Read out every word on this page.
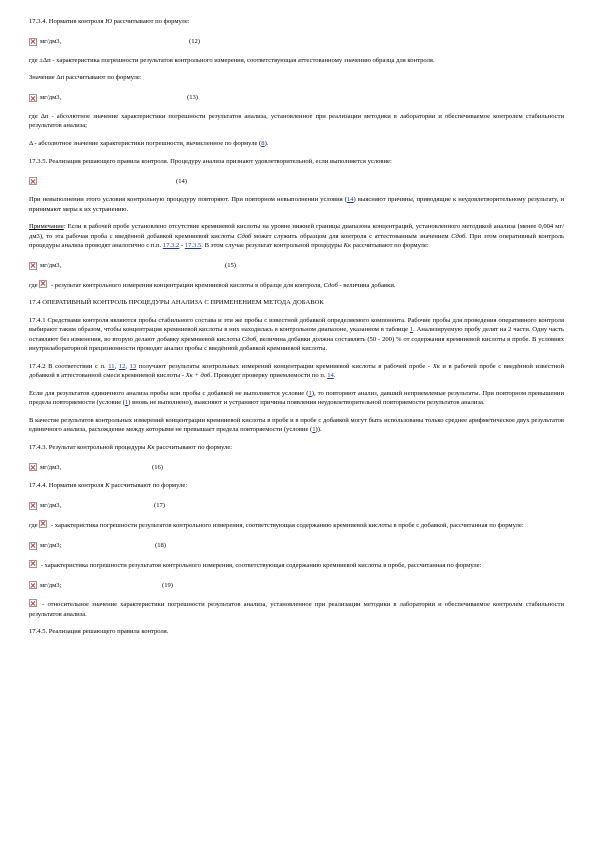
17.3.4. Норматив контроля Ю рассчитывают по формуле:

мг/дм3,	(12)

где ±Δп - характеристика погрешности результатов контрольного измерения, соответствующая аттестованному значению образца для контроля.

Значение Δп рассчитывают по формуле:

мг/дм3,	(13)

где Δп - абсолютное значение характеристики погрешности результатов анализа, установленное при реализации методики в лаборатории и обеспечиваемое контролем стабильности результатов анализа;

Δ - абсолютное значение характеристики погрешности, вычисленное по формуле (8).

17.3.5. Реализация решающего правила контроля. Процедуру анализа признают удовлетворительной, если выполняется условие:

(14)

При невыполнении этого условия контрольную процедуру повторяют. При повторном невыполнении условия (14) выясняют причины, приводящие к неудовлетворительному результату, и принимают меры к их устранению.

Примечание: Если в рабочей пробе установлено отсутствие кремниевой кислоты на уровне нижней границы диапазона концентраций, установленного методикой анализа (менее 0,004 мг/дм3), то эта рабочая проба с введённой добавкой кремниевой кислоты Сдоб может служить образцом для контроля с аттестованным значением Сдоб. При этом оперативный контроль процедуры анализа проводят аналогично с п.п. 17.3.2 - 17.3.5. В этом случае результат контрольной процедуры Кк рассчитывают по формуле:

мг/дм3,	(15)

где  - результат контрольного измерения концентрации кремниевой кислоты в образце для контроля, Сдоб - величина добавки.

17.4 ОПЕРАТИВНЫЙ КОНТРОЛЬ ПРОЦЕДУРЫ АНАЛИЗА С ПРИМЕНЕНИЕМ МЕТОДА ДОБАВОК

17.4.1 Средствами контроля являются пробы стабильного состава и эти же пробы с известной добавкой определяемого компонента. Рабочие пробы для проведения оперативного контроля выбирают таким образом, чтобы концентрация кремниевой кислоты в них находилась в контрольном диапазоне, указанном в таблице 1. Анализируемую пробу делят на 2 части. Одну часть оставляют без изменения, во вторую делают добавку кремниевой кислоты Сдоб, величина добавки должна составлять (50 - 200) % от содержания кремниевой кислоты в пробе. В условиях внутрилабораторной прецизионности проводят анализ пробы с введённой добавкой кремниевой кислоты.

17.4.2 В соответствии с п. 11, 12, 13 получают результаты контрольных измерений концентрации кремниевой кислоты в рабочей пробе - Хк и в рабочей пробе с введённой известной добавкой в аттестованной смеси кремниевой кислоты - Хк + доб. Проводят проверку приемлемости по п. 14.

Если для результатов единичного анализа пробы или пробы с добавкой не выполняется условие (1), то повторяют анализ, давший неприемлемые результаты. При повторном превышении предела повторяемости (условие (1) вновь не выполнено), выясняют и устраняют причины появления неудовлетворительной повторяемости результатов анализа.

В качестве результатов контрольных измерений концентрации кремниевой кислоты в пробе и в пробе с добавкой могут быть использованы только среднее арифметическое двух результатов единичного анализа, расхождение между которыми не превышает предела повторяемости (условие (1)).

17.4.3. Результат контрольной процедуры Кк рассчитывают по формуле:

мг/дм3,	(16)

17.4.4. Норматив контроля К рассчитывают по формуле:

мг/дм3,	(17)

где  - характеристика погрешности результатов контрольного измерения, соответствующая содержанию кремниевой кислоты в пробе с добавкой, рассчитанная по формуле:

мг/дм3;	(18)

- характеристика погрешности результатов контрольного измерения, соответствующая содержанию кремниевой кислоты в пробе, рассчитанная по формуле:

мг/дм3;	(19)

- относительное значение характеристики погрешности результатов анализа, установленное при реализации методики в лаборатории и обеспечиваемое контролем стабильности результатов анализа.

17.4.5. Реализация решающего правила контроля.
